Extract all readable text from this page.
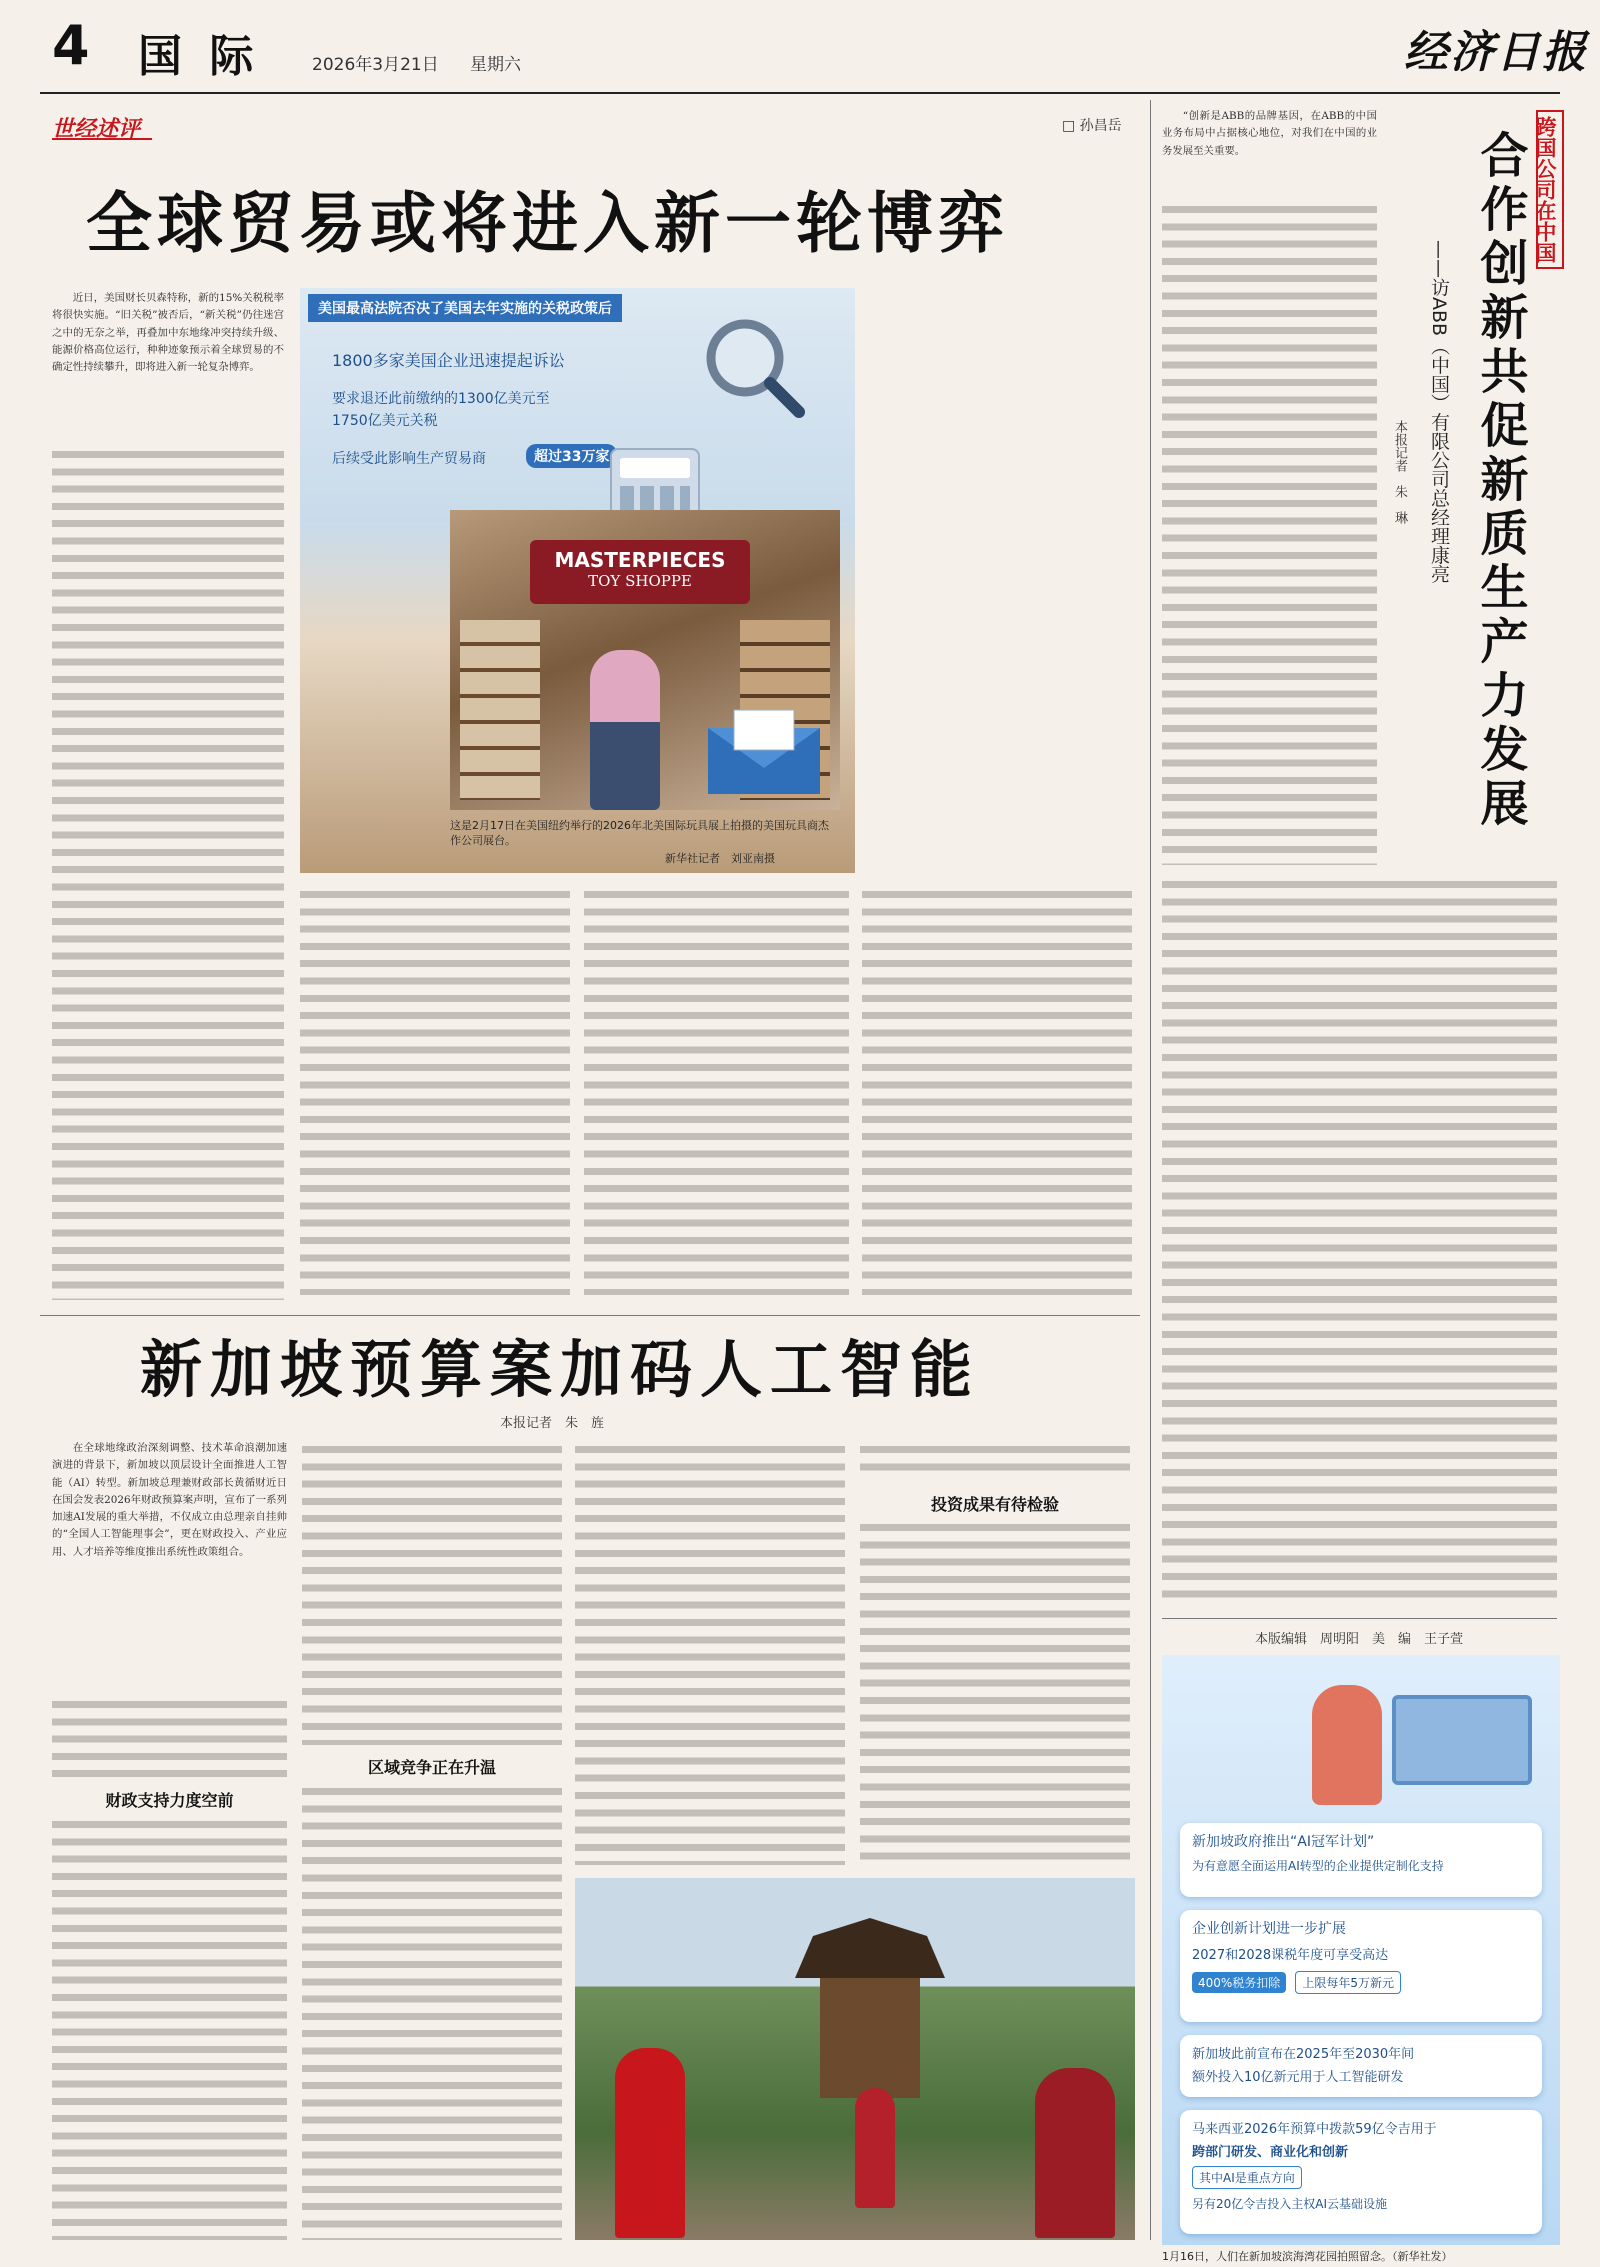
4 国 际	2026年3月21日 星期六	经济日报
世经述评	□ 孙昌岳
全球贸易或将进入新一轮博弈
近日，美国财长贝森特称，新的15%关税税率将很快实施。“旧关税”被否后，“新关税”仍往迷宫之中的无奈之举，再叠加中东地缘冲突持续升级、能源价格高位运行，种种迹象预示着全球贸易的不确定性持续攀升，即将进入新一轮复杂博弈。
美国最高法院否决了美国去年实施的关税政策后
1800多家美国企业迅速提起诉讼
要求退还此前缴纳的1300亿美元至1750亿美元关税
后续受此影响生产贸易商	超过33万家
MASTERPIECES
TOY SHOPPE
这是2月17日在美国纽约举行的2026年北美国际玩具展上拍摄的美国玩具商杰作公司展台。
新华社记者　刘亚南摄
新加坡预算案加码人工智能
本报记者　朱　旌
在全球地缘政治深刻调整、技术革命浪潮加速演进的背景下，新加坡以顶层设计全面推进人工智能（AI）转型。新加坡总理兼财政部长黄循财近日在国会发表2026年财政预算案声明，宣布了一系列加速AI发展的重大举措，不仅成立由总理亲自挂帅的“全国人工智能理事会”，更在财政投入、产业应用、人才培养等维度推出系统性政策组合。
财政支持力度空前
区域竞争正在升温
投资成果有待检验
跨国公司在中国
合作创新共促新质生产力发展
——访ABB（中国）有限公司总经理康亮
本报记者　朱　琳
“创新是ABB的品牌基因，在ABB的中国业务布局中占据核心地位，对我们在中国的业务发展至关重要。
本版编辑　周明阳　美　编　王子萱
新加坡政府推出“AI冠军计划”
为有意愿全面运用AI转型的企业提供定制化支持
企业创新计划进一步扩展
2027和2028课税年度可享受高达
400%税务扣除 上限每年5万新元
新加坡此前宣布在2025年至2030年间
额外投入10亿新元用于人工智能研发
马来西亚2026年预算中拨款59亿令吉用于
跨部门研发、商业化和创新
其中AI是重点方向
另有20亿令吉投入主权AI云基础设施
1月16日，人们在新加坡滨海湾花园拍照留念。（新华社发）
